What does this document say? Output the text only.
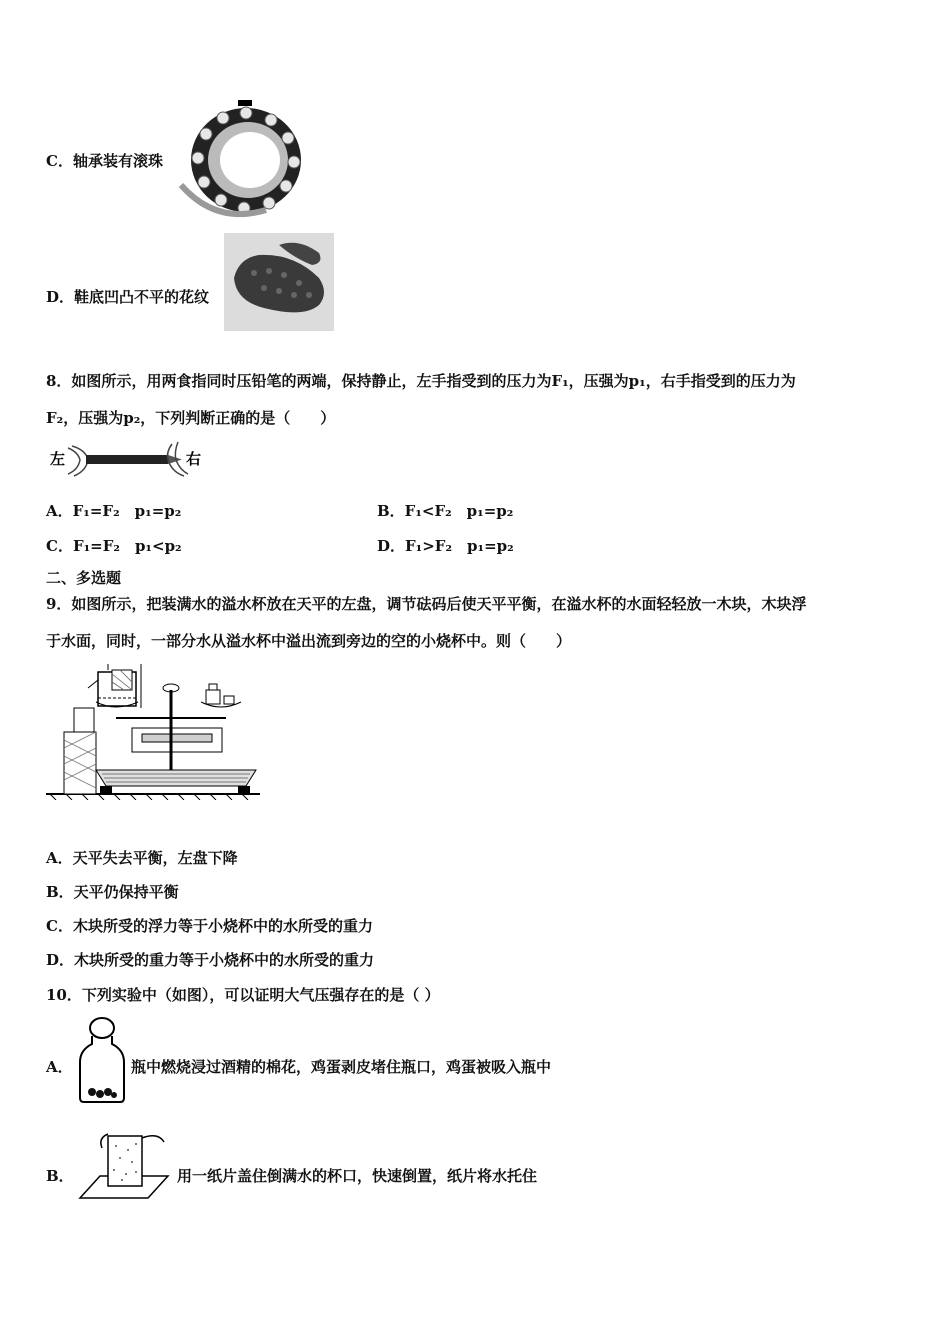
C．轴承装有滚珠
D．鞋底凹凸不平的花纹
8．如图所示，用两食指同时压铅笔的两端，保持静止，左手指受到的压力为F₁，压强为p₁，右手指受到的压力为
F₂，压强为p₂，下列判断正确的是（　　）
左	右
A．F₁=F₂　p₁=p₂	B．F₁<F₂　p₁=p₂
C．F₁=F₂　p₁<p₂	D．F₁>F₂　p₁=p₂
二、多选题
9．如图所示，把装满水的溢水杯放在天平的左盘，调节砝码后使天平平衡，在溢水杯的水面轻轻放一木块，木块浮
于水面，同时，一部分水从溢水杯中溢出流到旁边的空的小烧杯中。则（　　）
A．天平失去平衡，左盘下降
B．天平仍保持平衡
C．木块所受的浮力等于小烧杯中的水所受的重力
D．木块所受的重力等于小烧杯中的水所受的重力
10．下列实验中（如图），可以证明大气压强存在的是（ ）
A．	瓶中燃烧浸过酒精的棉花，鸡蛋剥皮堵住瓶口，鸡蛋被吸入瓶中
B．	用一纸片盖住倒满水的杯口，快速倒置，纸片将水托住
